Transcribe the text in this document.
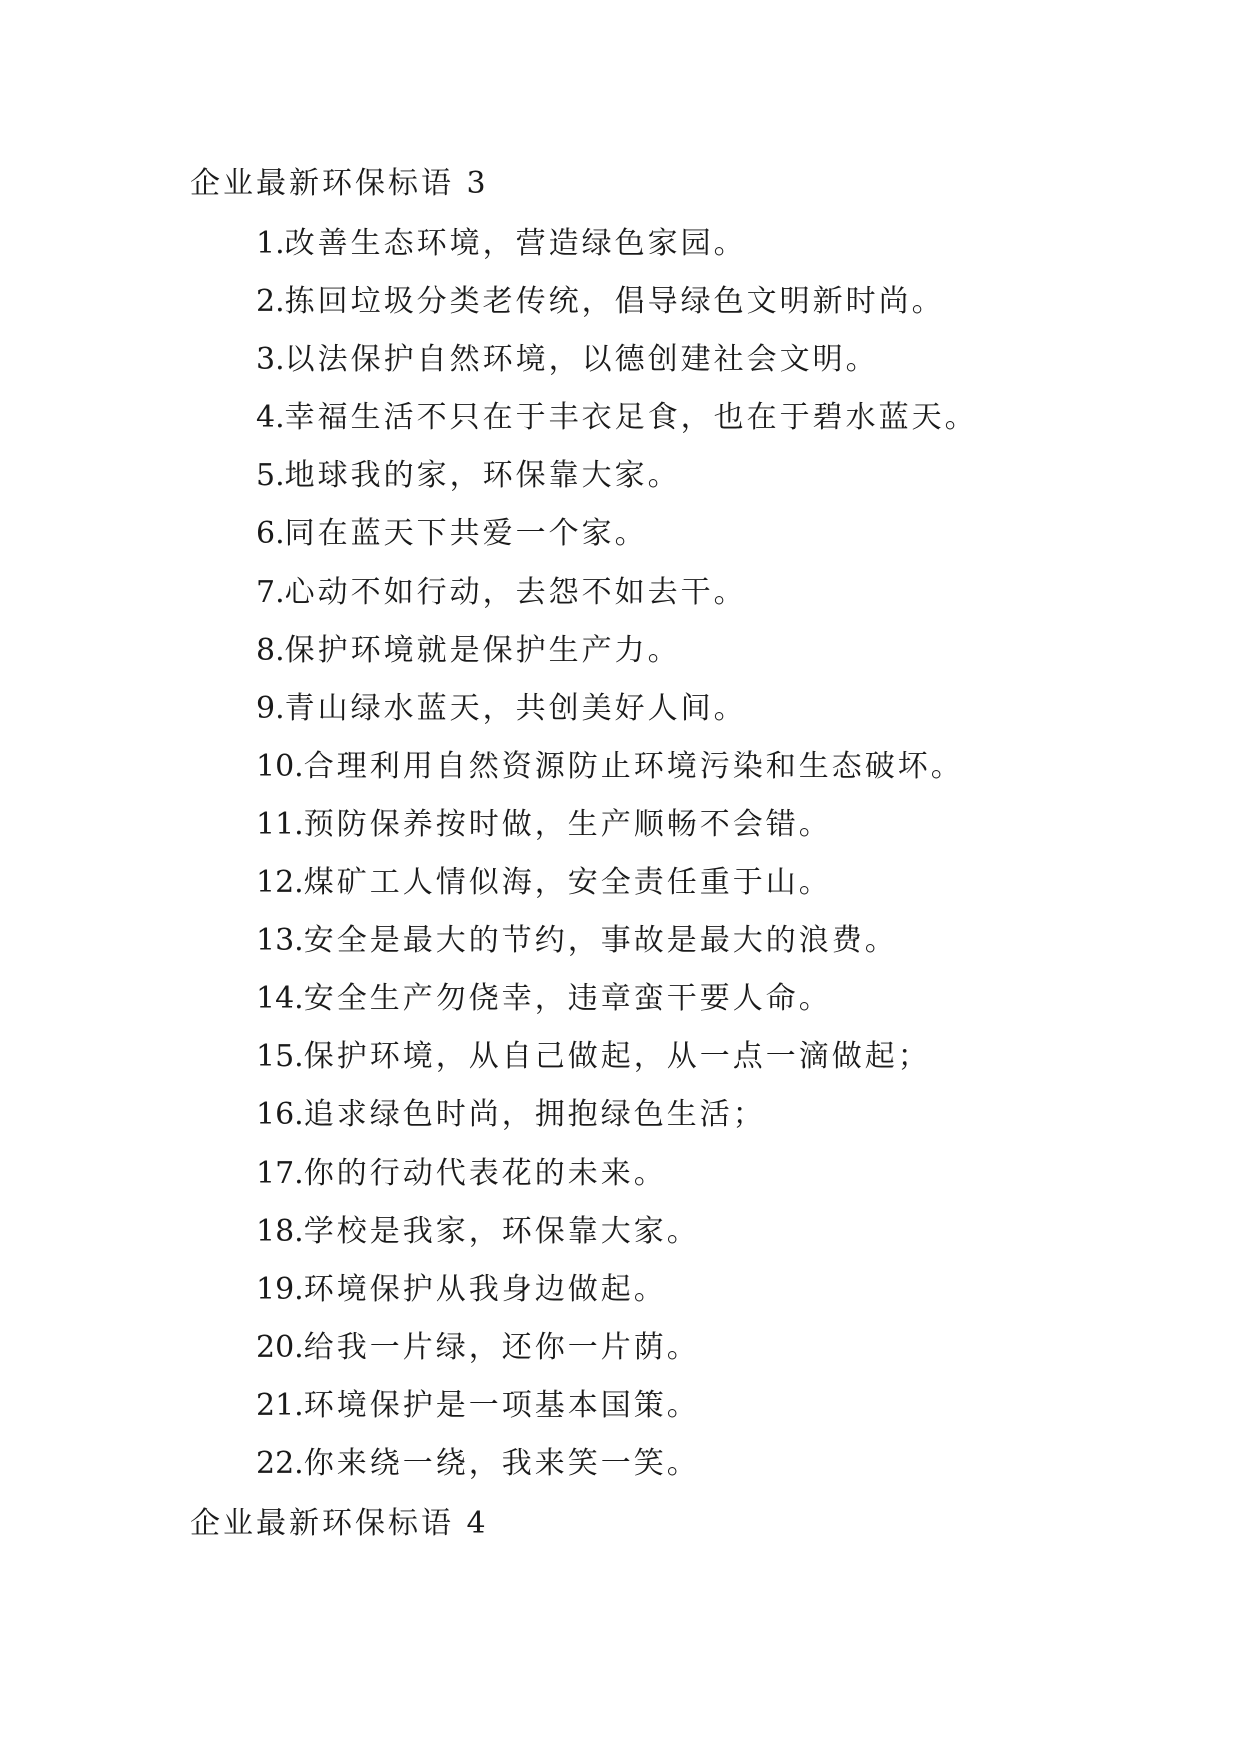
企业最新环保标语 3
1.改善生态环境，营造绿色家园。
2.拣回垃圾分类老传统，倡导绿色文明新时尚。
3.以法保护自然环境，以德创建社会文明。
4.幸福生活不只在于丰衣足食，也在于碧水蓝天。
5.地球我的家，环保靠大家。
6.同在蓝天下共爱一个家。
7.心动不如行动，去怨不如去干。
8.保护环境就是保护生产力。
9.青山绿水蓝天，共创美好人间。
10.合理利用自然资源防止环境污染和生态破坏。
11.预防保养按时做，生产顺畅不会错。
12.煤矿工人情似海，安全责任重于山。
13.安全是最大的节约，事故是最大的浪费。
14.安全生产勿侥幸，违章蛮干要人命。
15.保护环境，从自己做起，从一点一滴做起；
16.追求绿色时尚，拥抱绿色生活；
17.你的行动代表花的未来。
18.学校是我家，环保靠大家。
19.环境保护从我身边做起。
20.给我一片绿，还你一片荫。
21.环境保护是一项基本国策。
22.你来绕一绕，我来笑一笑。
企业最新环保标语 4
